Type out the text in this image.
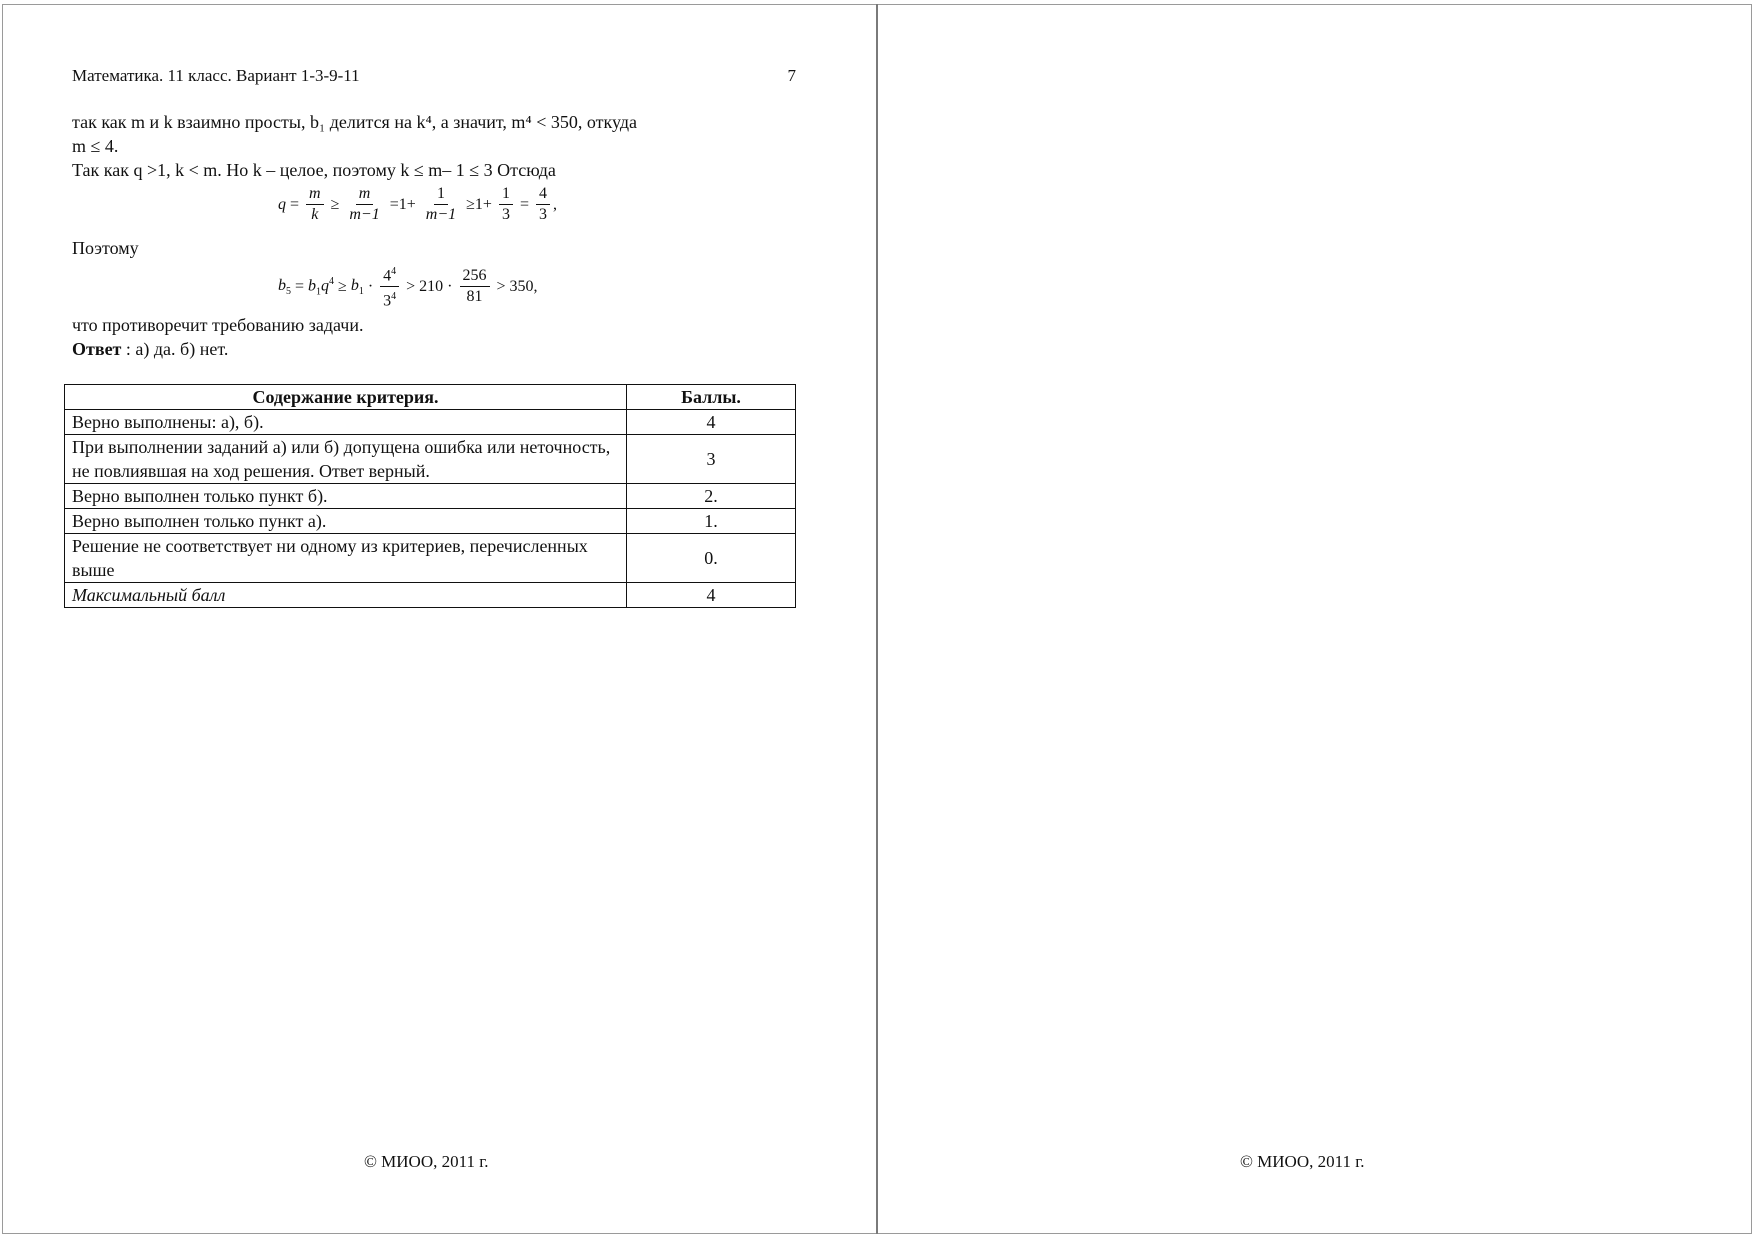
Математика. 11 класс. Вариант 1-3-9-11	7
так как m и k взаимно просты, b₁ делится на k⁴, а значит, m⁴ < 350, откуда
m ≤ 4.
Так как q >1, k < m. Но k – целое, поэтому k ≤ m– 1 ≤ 3 Отсюда
$q = \frac{m}{k} \ge \frac{m}{m-1} =1+ \frac{1}{m-1} \ge 1+ \frac{1}{3} = \frac{4}{3}$ ,
Поэтому
$b_5 = b_1q^4 \ge b_1 \cdot \frac{4^4}{3^4} > 210 \cdot \frac{256}{81} > 350$ ,
что противоречит требованию задачи.
Ответ : а) да. б) нет.
Содержание критерия.	Баллы.
Верно выполнены: а), б).	4
При выполнении заданий а) или б) допущена ошибка или неточность, не повлиявшая на ход решения. Ответ верный.	3
Верно выполнен только пункт б).	2.
Верно выполнен только пункт а).	1.
Решение не соответствует ни одному из критериев, перечисленных выше	0.
Максимальный балл	4
© МИОО, 2011 г.	© МИОО, 2011 г.
